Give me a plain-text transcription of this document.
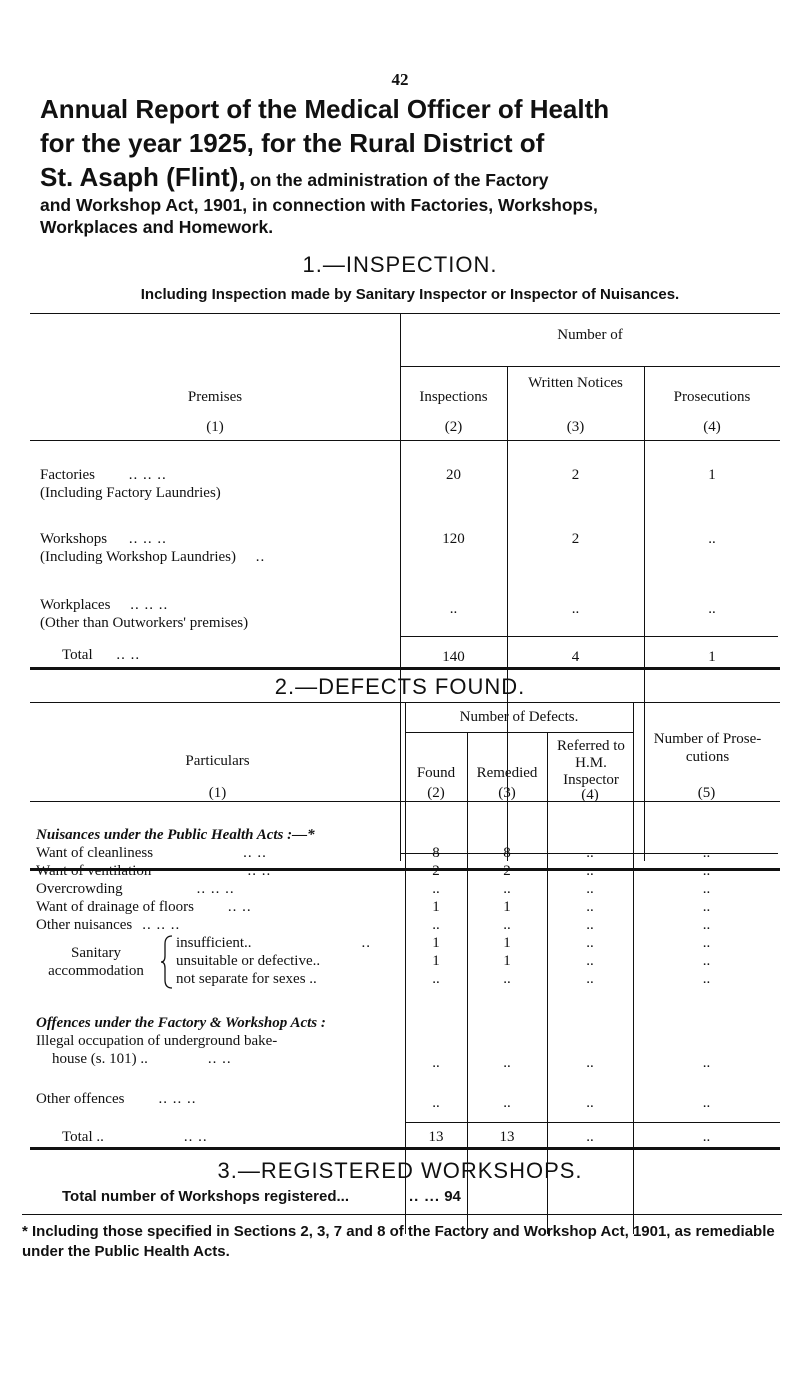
42
Annual Report of the Medical Officer of Health
for the year 1925, for the Rural District of
St. Asaph (Flint), on the administration of the Factory
and Workshop Act, 1901, in connection with Factories, Workshops,
Workplaces and Homework.
1.—INSPECTION.
Including Inspection made by Sanitary Inspector or Inspector of Nuisances.
Number of
Premises
(1)
Inspections
(2)
Written Notices
(3)
Prosecutions
(4)
Factories .. .. ..
(Including Factory Laundries)
20	2	1
Workshops .. .. ..
(Including Workshop Laundries) ..
120	2	..
Workplaces .. .. ..
(Other than Outworkers' premises)
..	..	..
Total .. ..	140	4	1
2.—DEFECTS FOUND.
Number of Defects.
Particulars
(1)
Found
(2)
Remedied
(3)
Referred to H.M. Inspector
(4)
Number of Prose-cutions
(5)
Nuisances under the Public Health Acts :—*
Want of cleanliness	.. ..	8	8	..	..
Want of ventilation	.. ..	2	2	..	..
Overcrowding	.. .. ..	..	..	..	..
Want of drainage of floors .. ..	1	1	..	..
Other nuisances .. .. ..	..	..	..	..
Sanitary accommodation
insufficient..	..	1	1	..	..
unsuitable or defective..	1	1	..	..
not separate for sexes ..	..	..	..	..
Offences under the Factory & Workshop Acts :
Illegal occupation of underground bake-
house (s. 101) ..	.. ..	..	..	..	..
Other offences .. .. ..	..	..	..	..
Total ..	.. ..	13	13	..	..
3.—REGISTERED WORKSHOPS.
Total number of Workshops registered...	.. ... 94
* Including those specified in Sections 2, 3, 7 and 8 of the Factory and Workshop Act, 1901, as remediable under the Public Health Acts.
